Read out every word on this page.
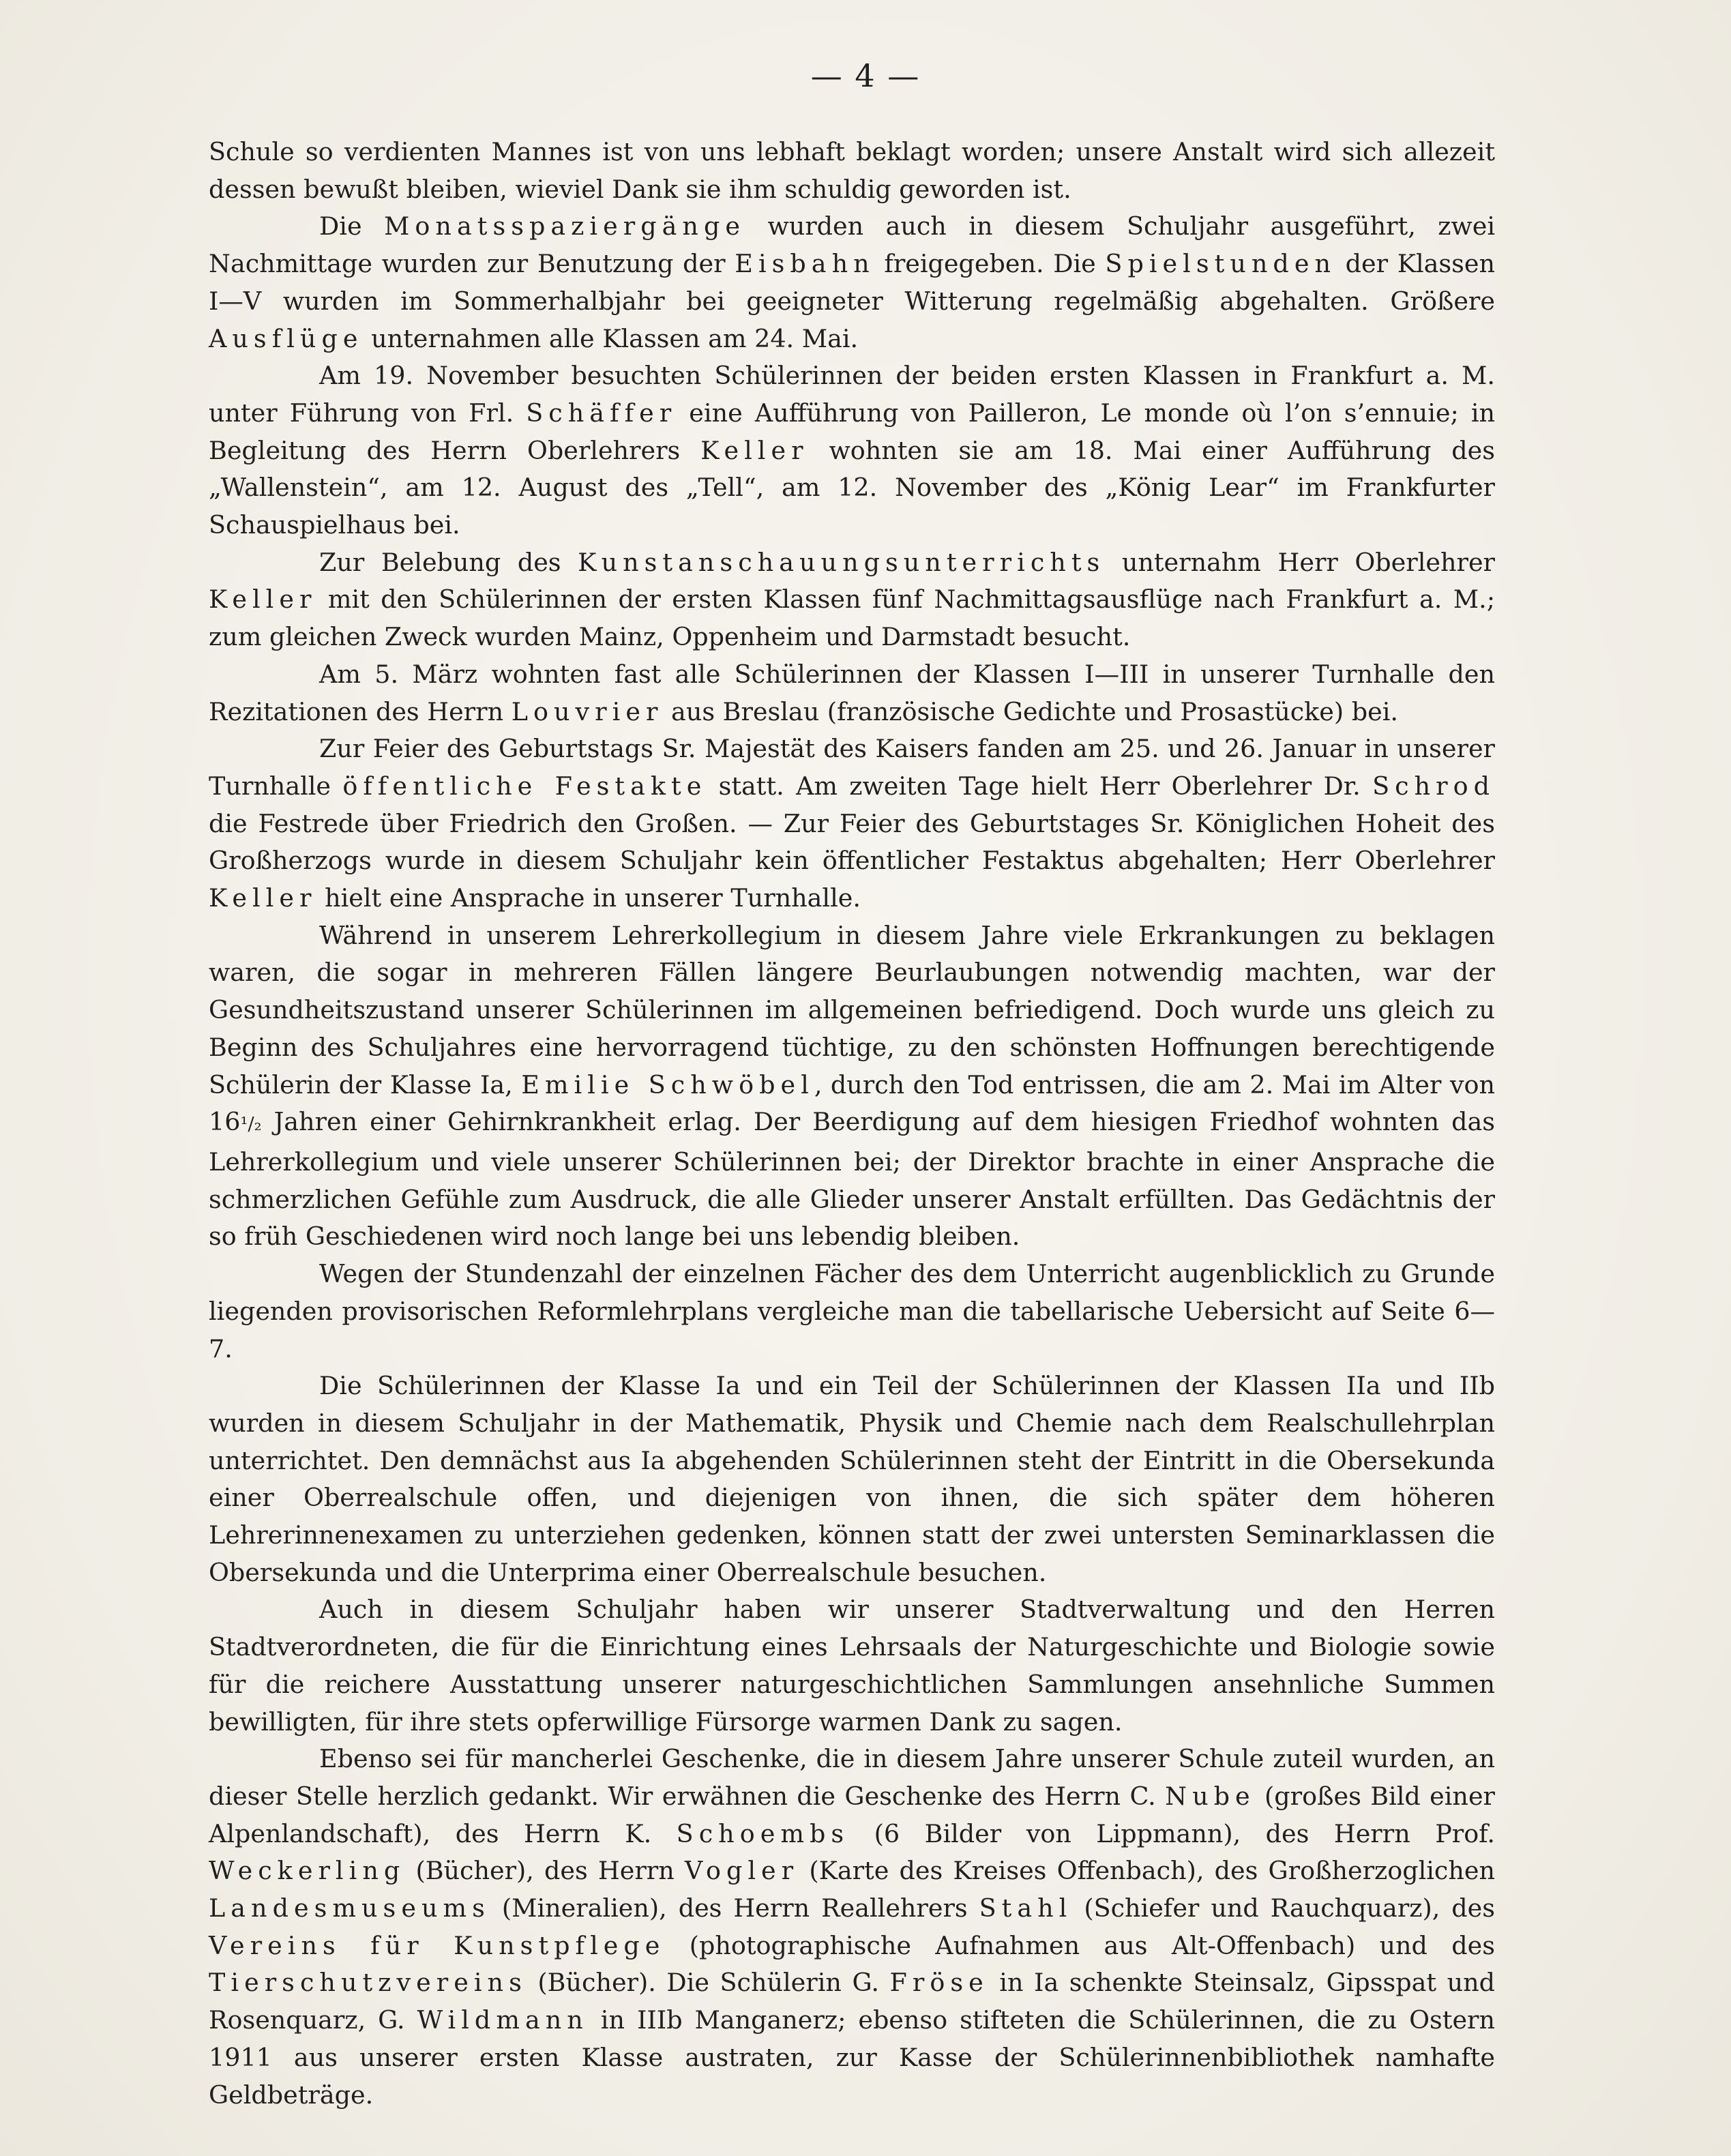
— 4 —

Schule so verdienten Mannes ist von uns lebhaft beklagt worden; unsere Anstalt wird sich allezeit dessen bewußt bleiben, wieviel Dank sie ihm schuldig geworden ist.

Die Monatsspaziergänge wurden auch in diesem Schuljahr ausgeführt, zwei Nachmittage wurden zur Benutzung der Eisbahn freigegeben. Die Spielstunden der Klassen I—V wurden im Sommerhalbjahr bei geeigneter Witterung regelmäßig abgehalten. Größere Ausflüge unternahmen alle Klassen am 24. Mai.

Am 19. November besuchten Schülerinnen der beiden ersten Klassen in Frankfurt a. M. unter Führung von Frl. Schäffer eine Aufführung von Pailleron, Le monde où l’on s’ennuie; in Begleitung des Herrn Oberlehrers Keller wohnten sie am 18. Mai einer Aufführung des „Wallenstein“, am 12. August des „Tell“, am 12. November des „König Lear“ im Frankfurter Schauspielhaus bei.

Zur Belebung des Kunstanschauungsunterrichts unternahm Herr Oberlehrer Keller mit den Schülerinnen der ersten Klassen fünf Nachmittagsausflüge nach Frankfurt a. M.; zum gleichen Zweck wurden Mainz, Oppenheim und Darmstadt besucht.

Am 5. März wohnten fast alle Schülerinnen der Klassen I—III in unserer Turnhalle den Rezitationen des Herrn Louvrier aus Breslau (französische Gedichte und Prosastücke) bei.

Zur Feier des Geburtstags Sr. Majestät des Kaisers fanden am 25. und 26. Januar in unserer Turnhalle öffentliche Festakte statt. Am zweiten Tage hielt Herr Oberlehrer Dr. Schrod die Festrede über Friedrich den Großen. — Zur Feier des Geburtstages Sr. Königlichen Hoheit des Großherzogs wurde in diesem Schuljahr kein öffentlicher Festaktus abgehalten; Herr Oberlehrer Keller hielt eine Ansprache in unserer Turnhalle.

Während in unserem Lehrerkollegium in diesem Jahre viele Erkrankungen zu beklagen waren, die sogar in mehreren Fällen längere Beurlaubungen notwendig machten, war der Gesundheitszustand unserer Schülerinnen im allgemeinen befriedigend. Doch wurde uns gleich zu Beginn des Schuljahres eine hervorragend tüchtige, zu den schönsten Hoffnungen berechtigende Schülerin der Klasse Ia, Emilie Schwöbel, durch den Tod entrissen, die am 2. Mai im Alter von 16¹/₂ Jahren einer Gehirnkrankheit erlag. Der Beerdigung auf dem hiesigen Friedhof wohnten das Lehrerkollegium und viele unserer Schülerinnen bei; der Direktor brachte in einer Ansprache die schmerzlichen Gefühle zum Ausdruck, die alle Glieder unserer Anstalt erfüllten. Das Gedächtnis der so früh Geschiedenen wird noch lange bei uns lebendig bleiben.

Wegen der Stundenzahl der einzelnen Fächer des dem Unterricht augenblicklich zu Grunde liegenden provisorischen Reformlehrplans vergleiche man die tabellarische Uebersicht auf Seite 6—7.

Die Schülerinnen der Klasse Ia und ein Teil der Schülerinnen der Klassen IIa und IIb wurden in diesem Schuljahr in der Mathematik, Physik und Chemie nach dem Realschullehrplan unterrichtet. Den demnächst aus Ia abgehenden Schülerinnen steht der Eintritt in die Obersekunda einer Oberrealschule offen, und diejenigen von ihnen, die sich später dem höheren Lehrerinnenexamen zu unterziehen gedenken, können statt der zwei untersten Seminarklassen die Obersekunda und die Unterprima einer Oberrealschule besuchen.

Auch in diesem Schuljahr haben wir unserer Stadtverwaltung und den Herren Stadtverordneten, die für die Einrichtung eines Lehrsaals der Naturgeschichte und Biologie sowie für die reichere Ausstattung unserer naturgeschichtlichen Sammlungen ansehnliche Summen bewilligten, für ihre stets opferwillige Fürsorge warmen Dank zu sagen.

Ebenso sei für mancherlei Geschenke, die in diesem Jahre unserer Schule zuteil wurden, an dieser Stelle herzlich gedankt. Wir erwähnen die Geschenke des Herrn C. Nube (großes Bild einer Alpenlandschaft), des Herrn K. Schoembs (6 Bilder von Lippmann), des Herrn Prof. Weckerling (Bücher), des Herrn Vogler (Karte des Kreises Offenbach), des Großherzoglichen Landesmuseums (Mineralien), des Herrn Reallehrers Stahl (Schiefer und Rauchquarz), des Vereins für Kunstpflege (photographische Aufnahmen aus Alt-Offenbach) und des Tierschutzvereins (Bücher). Die Schülerin G. Fröse in Ia schenkte Steinsalz, Gipsspat und Rosenquarz, G. Wildmann in IIIb Manganerz; ebenso stifteten die Schülerinnen, die zu Ostern 1911 aus unserer ersten Klasse austraten, zur Kasse der Schülerinnenbibliothek namhafte Geldbeträge.
